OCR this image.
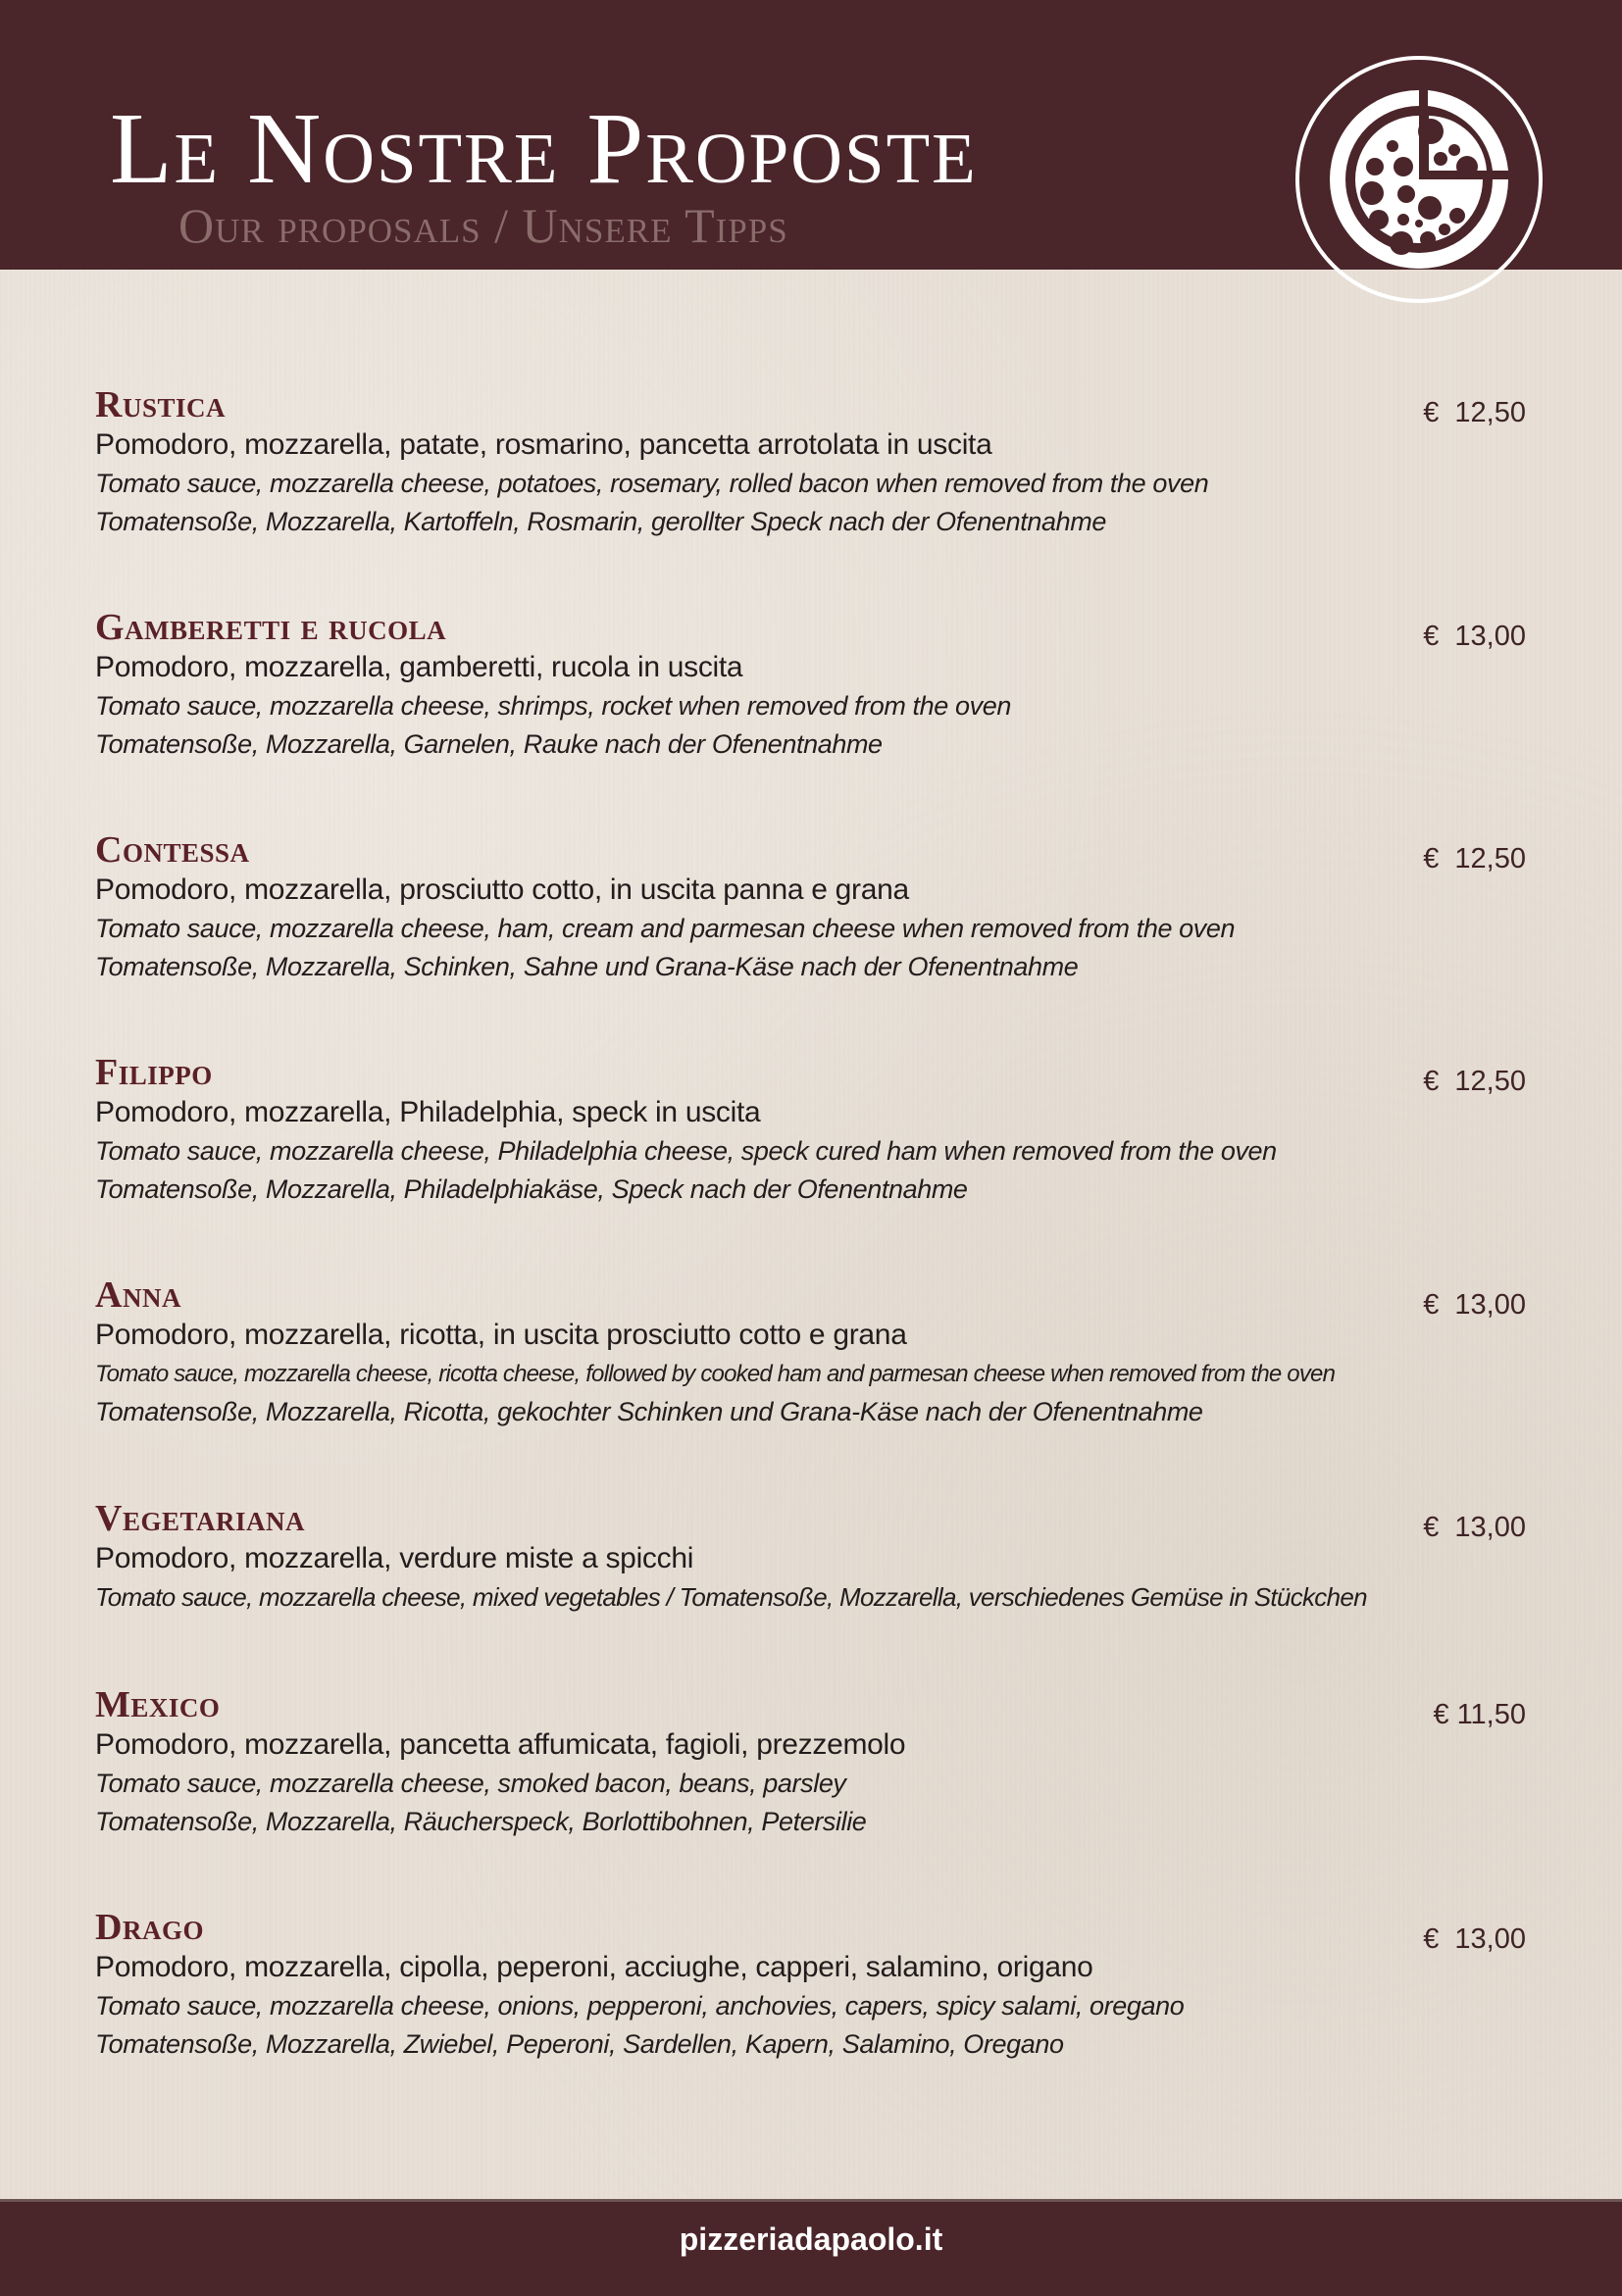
Le Nostre Proposte
Our proposals / Unsere Tipps
Rustica
Pomodoro, mozzarella, patate, rosmarino, pancetta arrotolata in uscita
Tomato sauce, mozzarella cheese, potatoes, rosemary, rolled bacon when removed from the oven
Tomatensoße, Mozzarella, Kartoffeln, Rosmarin, gerollter Speck nach der Ofenentnahme
€ 12,50
Gamberetti e rucola
Pomodoro, mozzarella, gamberetti, rucola in uscita
Tomato sauce, mozzarella cheese, shrimps, rocket when removed from the oven
Tomatensoße, Mozzarella, Garnelen, Rauke nach der Ofenentnahme
€ 13,00
Contessa
Pomodoro, mozzarella, prosciutto cotto, in uscita panna e grana
Tomato sauce, mozzarella cheese, ham, cream and parmesan cheese when removed from the oven
Tomatensoße, Mozzarella, Schinken, Sahne und Grana-Käse nach der Ofenentnahme
€ 12,50
Filippo
Pomodoro, mozzarella, Philadelphia, speck in uscita
Tomato sauce, mozzarella cheese, Philadelphia cheese, speck cured ham when removed from the oven
Tomatensoße, Mozzarella, Philadelphiakäse, Speck nach der Ofenentnahme
€ 12,50
Anna
Pomodoro, mozzarella, ricotta, in uscita prosciutto cotto e grana
Tomato sauce, mozzarella cheese, ricotta cheese, followed by cooked ham and parmesan cheese when removed from the oven
Tomatensoße, Mozzarella, Ricotta, gekochter Schinken und Grana-Käse nach der Ofenentnahme
€ 13,00
Vegetariana
Pomodoro, mozzarella, verdure miste a spicchi
Tomato sauce, mozzarella cheese, mixed vegetables / Tomatensoße, Mozzarella, verschiedenes Gemüse in Stückchen
€ 13,00
Mexico
Pomodoro, mozzarella, pancetta affumicata, fagioli, prezzemolo
Tomato sauce, mozzarella cheese, smoked bacon, beans, parsley
Tomatensoße, Mozzarella, Räucherspeck, Borlottibohnen, Petersilie
€ 11,50
Drago
Pomodoro, mozzarella, cipolla, peperoni, acciughe, capperi, salamino, origano
Tomato sauce, mozzarella cheese, onions, pepperoni, anchovies, capers, spicy salami, oregano
Tomatensoße, Mozzarella, Zwiebel, Peperoni, Sardellen, Kapern, Salamino, Oregano
€ 13,00
pizzeriadapaolo.it
